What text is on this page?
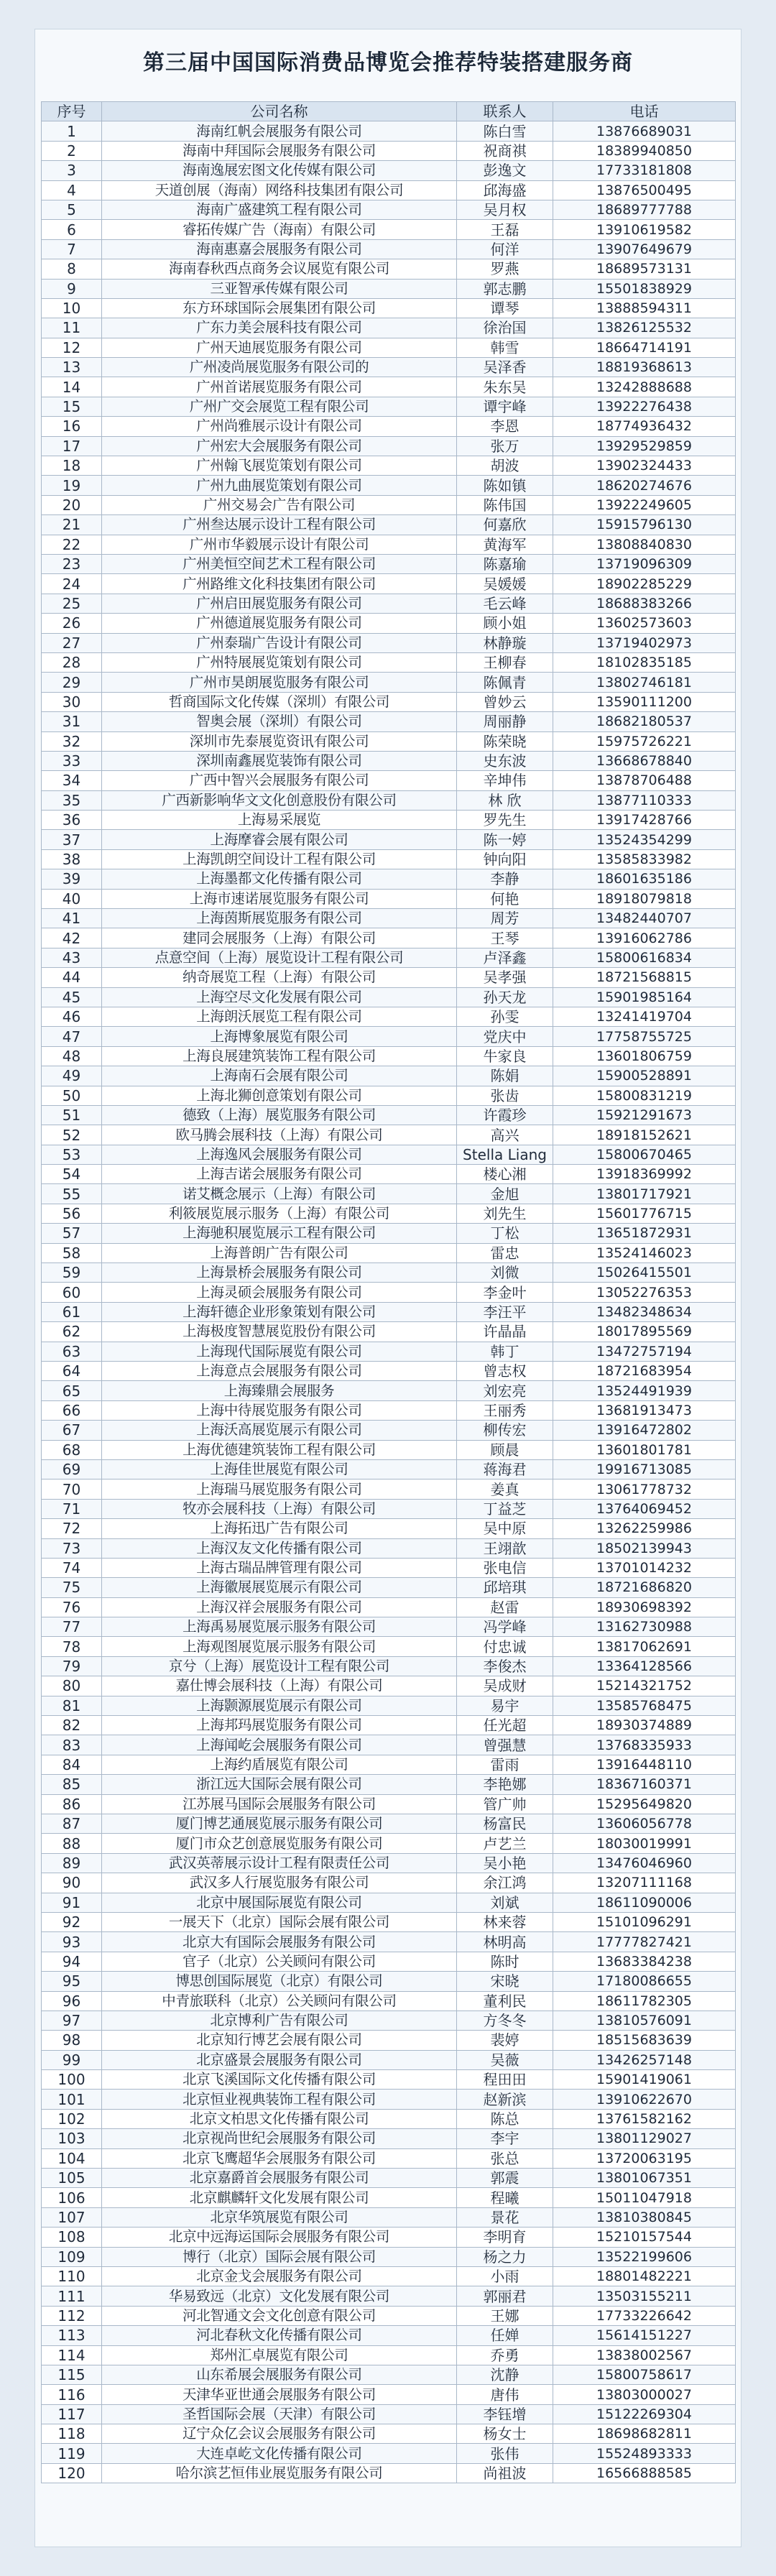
第三届中国国际消费品博览会推荐特装搭建服务商
序号	公司名称	联系人	电话
1	海南红帆会展服务有限公司	陈白雪	13876689031
2	海南中拜国际会展服务有限公司	祝商祺	18389940850
3	海南逸展宏图文化传媒有限公司	彭逸文	17733181808
4	天道创展（海南）网络科技集团有限公司	邱海盛	13876500495
5	海南广盛建筑工程有限公司	吴月权	18689777788
6	睿拓传媒广告（海南）有限公司	王磊	13910619582
7	海南惠嘉会展服务有限公司	何洋	13907649679
8	海南春秋西点商务会议展览有限公司	罗燕	18689573131
9	三亚智承传媒有限公司	郭志鹏	15501838929
10	东方环球国际会展集团有限公司	谭琴	13888594311
11	广东力美会展科技有限公司	徐治国	13826125532
12	广州天迪展览服务有限公司	韩雪	18664714191
13	广州凌尚展览服务有限公司的	吴泽香	18819368613
14	广州首诺展览服务有限公司	朱东吴	13242888688
15	广州广交会展览工程有限公司	谭宇峰	13922276438
16	广州尚雅展示设计有限公司	李恩	18774936432
17	广州宏大会展服务有限公司	张万	13929529859
18	广州翰飞展览策划有限公司	胡波	13902324433
19	广州九曲展览策划有限公司	陈如镇	18620274676
20	广州交易会广告有限公司	陈伟国	13922249605
21	广州叁达展示设计工程有限公司	何嘉欣	15915796130
22	广州市华毅展示设计有限公司	黄海军	13808840830
23	广州美恒空间艺术工程有限公司	陈嘉瑜	13719096309
24	广州路维文化科技集团有限公司	吴媛媛	18902285229
25	广州启田展览服务有限公司	毛云峰	18688383266
26	广州德道展览服务有限公司	顾小姐	13602573603
27	广州泰瑞广告设计有限公司	林静璇	13719402973
28	广州特展展览策划有限公司	王柳春	18102835185
29	广州市昊朗展览服务有限公司	陈佩青	13802746181
30	哲商国际文化传媒（深圳）有限公司	曾妙云	13590111200
31	智奥会展（深圳）有限公司	周丽静	18682180537
32	深圳市先泰展览资讯有限公司	陈荣晓	15975726221
33	深圳南鑫展览装饰有限公司	史东波	13668678840
34	广西中智兴会展服务有限公司	辛坤伟	13878706488
35	广西新影响华文文化创意股份有限公司	林 欣	13877110333
36	上海易采展览	罗先生	13917428766
37	上海摩睿会展有限公司	陈一婷	13524354299
38	上海凯朗空间设计工程有限公司	钟向阳	13585833982
39	上海墨都文化传播有限公司	李静	18601635186
40	上海市速诺展览服务有限公司	何艳	18918079818
41	上海茵斯展览服务有限公司	周芳	13482440707
42	建同会展服务（上海）有限公司	王琴	13916062786
43	点意空间（上海）展览设计工程有限公司	卢泽鑫	15800616834
44	纳奇展览工程（上海）有限公司	吴孝强	18721568815
45	上海空尽文化发展有限公司	孙天龙	15901985164
46	上海朗沃展览工程有限公司	孙雯	13241419704
47	上海博象展览有限公司	党庆中	17758755725
48	上海良展建筑装饰工程有限公司	牛家良	13601806759
49	上海南石会展有限公司	陈娟	15900528891
50	上海北狮创意策划有限公司	张齿	15800831219
51	德致（上海）展览服务有限公司	许霞珍	15921291673
52	欧马腾会展科技（上海）有限公司	高兴	18918152621
53	上海逸风会展服务有限公司	Stella Liang	15800670465
54	上海吉诺会展服务有限公司	楼心湘	13918369992
55	诺艾概念展示（上海）有限公司	金旭	13801717921
56	利筱展览展示服务（上海）有限公司	刘先生	15601776715
57	上海驰积展览展示工程有限公司	丁松	13651872931
58	上海普朗广告有限公司	雷忠	13524146023
59	上海景桥会展服务有限公司	刘微	15026415501
60	上海灵硕会展服务有限公司	李金叶	13052276353
61	上海轩德企业形象策划有限公司	李汪平	13482348634
62	上海极度智慧展览股份有限公司	许晶晶	18017895569
63	上海现代国际展览有限公司	韩丁	13472757194
64	上海意点会展服务有限公司	曾志权	18721683954
65	上海臻鼎会展服务	刘宏亮	13524491939
66	上海中待展览服务有限公司	王丽秀	13681913473
67	上海沃高展览展示有限公司	柳传宏	13916472802
68	上海优德建筑装饰工程有限公司	顾晨	13601801781
69	上海佳世展览有限公司	蒋海君	19916713085
70	上海瑞马展览服务有限公司	姜真	13061778732
71	牧亦会展科技（上海）有限公司	丁益芝	13764069452
72	上海拓迅广告有限公司	吴中原	13262259986
73	上海汉友文化传播有限公司	王翊歆	18502139943
74	上海古瑞品牌管理有限公司	张电信	13701014232
75	上海徽展展览展示有限公司	邱培琪	18721686820
76	上海汉祥会展服务有限公司	赵雷	18930698392
77	上海禹易展览展示服务有限公司	冯学峰	13162730988
78	上海观图展览展示服务有限公司	付忠诚	13817062691
79	京兮（上海）展览设计工程有限公司	李俊杰	13364128566
80	嘉仕博会展科技（上海）有限公司	吴成财	15214321752
81	上海颢源展览展示有限公司	易宇	13585768475
82	上海邦玛展览服务有限公司	任光超	18930374889
83	上海闻屹会展服务有限公司	曾强慧	13768335933
84	上海约盾展览有限公司	雷雨	13916448110
85	浙江远大国际会展有限公司	李艳娜	18367160371
86	江苏展马国际会展服务有限公司	管广帅	15295649820
87	厦门博艺通展览展示服务有限公司	杨富民	13606056778
88	厦门市众艺创意展览服务有限公司	卢艺兰	18030019991
89	武汉英蒂展示设计工程有限责任公司	吴小艳	13476046960
90	武汉多人行展览服务有限公司	余江鸿	13207111168
91	北京中展国际展览有限公司	刘斌	18611090006
92	一展天下（北京）国际会展有限公司	林来蓉	15101096291
93	北京大有国际会展服务有限公司	林明高	17777827421
94	官子（北京）公关顾问有限公司	陈时	13683384238
95	博思创国际展览（北京）有限公司	宋晓	17180086655
96	中青旅联科（北京）公关顾问有限公司	董利民	18611782305
97	北京博利广告有限公司	方冬冬	13810576091
98	北京知行博艺会展有限公司	裴婷	18515683639
99	北京盛景会展服务有限公司	吴薇	13426257148
100	北京飞溪国际文化传播有限公司	程田田	15901419061
101	北京恒业视典装饰工程有限公司	赵新滨	13910622670
102	北京文柏思文化传播有限公司	陈总	13761582162
103	北京视尚世纪会展服务有限公司	李宇	13801129027
104	北京飞鹰超华会展服务有限公司	张总	13720063195
105	北京嘉爵首会展服务有限公司	郭震	13801067351
106	北京麒麟轩文化发展有限公司	程曦	15011047918
107	北京华筑展览有限公司	景花	13810380845
108	北京中远海运国际会展服务有限公司	李明育	15210157544
109	博行（北京）国际会展有限公司	杨之力	13522199606
110	北京金戈会展服务有限公司	小雨	18801482221
111	华易致远（北京）文化发展有限公司	郭丽君	13503155211
112	河北智通文会文化创意有限公司	王娜	17733226642
113	河北春秋文化传播有限公司	任婵	15614151227
114	郑州汇卓展览有限公司	乔勇	13838002567
115	山东希展会展服务有限公司	沈静	15800758617
116	天津华亚世通会展服务有限公司	唐伟	13803000027
117	圣哲国际会展（天津）有限公司	李钰增	15122269304
118	辽宁众亿会议会展服务有限公司	杨女士	18698682811
119	大连卓屹文化传播有限公司	张伟	15524893333
120	哈尔滨艺恒伟业展览服务有限公司	尚祖波	16566888585
